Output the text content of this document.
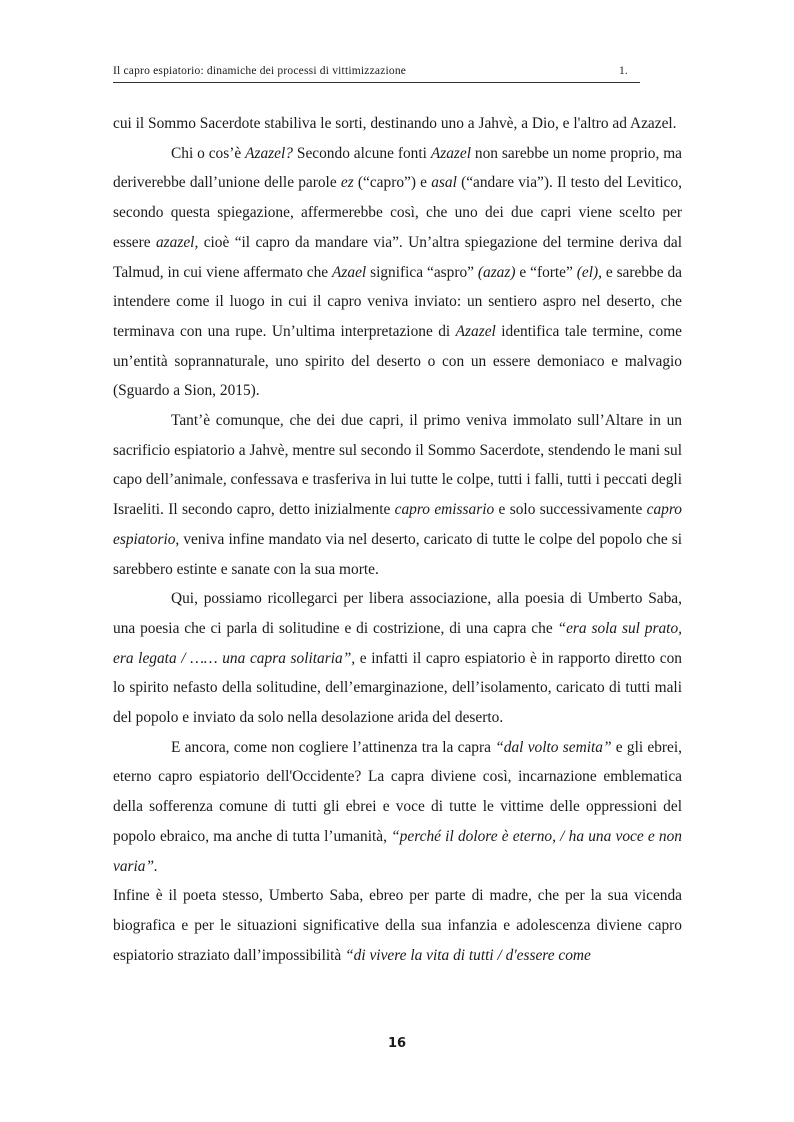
Il capro espiatorio: dinamiche dei processi di vittimizzazione	1.

cui il Sommo Sacerdote stabiliva le sorti, destinando uno a Jahvè, a Dio, e l'altro ad Azazel.

Chi o cos’è Azazel? Secondo alcune fonti Azazel non sarebbe un nome proprio, ma deriverebbe dall’unione delle parole ez (“capro”) e asal (“andare via”). Il testo del Levitico, secondo questa spiegazione, affermerebbe così, che uno dei due capri viene scelto per essere azazel, cioè “il capro da mandare via”. Un’altra spiegazione del termine deriva dal Talmud, in cui viene affermato che Azael significa “aspro” (azaz) e “forte” (el), e sarebbe da intendere come il luogo in cui il capro veniva inviato: un sentiero aspro nel deserto, che terminava con una rupe. Un’ultima interpretazione di Azazel identifica tale termine, come un’entità soprannaturale, uno spirito del deserto o con un essere demoniaco e malvagio (Sguardo a Sion, 2015).

Tant’è comunque, che dei due capri, il primo veniva immolato sull’Altare in un sacrificio espiatorio a Jahvè, mentre sul secondo il Sommo Sacerdote, stendendo le mani sul capo dell’animale, confessava e trasferiva in lui tutte le colpe, tutti i falli, tutti i peccati degli Israeliti. Il secondo capro, detto inizialmente capro emissario e solo successivamente capro espiatorio, veniva infine mandato via nel deserto, caricato di tutte le colpe del popolo che si sarebbero estinte e sanate con la sua morte.

Qui, possiamo ricollegarci per libera associazione, alla poesia di Umberto Saba, una poesia che ci parla di solitudine e di costrizione, di una capra che “era sola sul prato, era legata / …… una capra solitaria”, e infatti il capro espiatorio è in rapporto diretto con lo spirito nefasto della solitudine, dell’emarginazione, dell’isolamento, caricato di tutti mali del popolo e inviato da solo nella desolazione arida del deserto.

E ancora, come non cogliere l’attinenza tra la capra “dal volto semita” e gli ebrei, eterno capro espiatorio dell'Occidente? La capra diviene così, incarnazione emblematica della sofferenza comune di tutti gli ebrei e voce di tutte le vittime delle oppressioni del popolo ebraico, ma anche di tutta l’umanità, “perché il dolore è eterno, / ha una voce e non varia”.

Infine è il poeta stesso, Umberto Saba, ebreo per parte di madre, che per la sua vicenda biografica e per le situazioni significative della sua infanzia e adolescenza diviene capro espiatorio straziato dall’impossibilità “di vivere la vita di tutti / d'essere come

16
